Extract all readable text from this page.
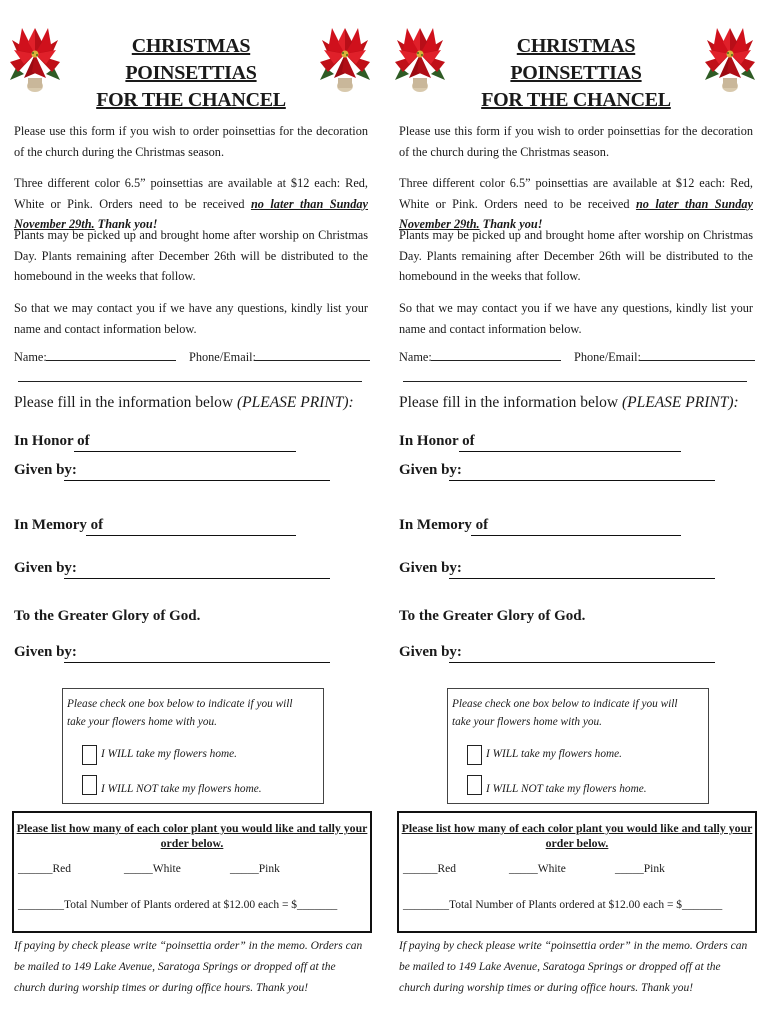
CHRISTMAS POINSETTIAS
FOR THE CHANCEL

Please use this form if you wish to order poinsettias for the decoration of the church during the Christmas season.

Three different color 6.5” poinsettias are available at $12 each: Red, White or Pink. Orders need to be received no later than Sunday November 29th. Thank you!

Plants may be picked up and brought home after worship on Christmas Day. Plants remaining after December 26th will be distributed to the homebound in the weeks that follow.

So that we may contact you if we have any questions, kindly list your name and contact information below.

Name:	Phone/Email:
Please fill in the information below (PLEASE PRINT):
In Honor of
Given by:
In Memory of
Given by:
To the Greater Glory of God.
Given by:
Please check one box below to indicate if you will take your flowers home with you.
I WILL take my flowers home.
I WILL NOT take my flowers home.
Please list how many of each color plant you would like and tally your order below.
______Red	_____White	_____Pink
________Total Number of Plants ordered at $12.00 each = $_______

If paying by check please write “poinsettia order” in the memo. Orders can be mailed to 149 Lake Avenue, Saratoga Springs or dropped off at the church during worship times or during office hours. Thank you!

CHRISTMAS POINSETTIAS
FOR THE CHANCEL

Please use this form if you wish to order poinsettias for the decoration of the church during the Christmas season.

Three different color 6.5” poinsettias are available at $12 each: Red, White or Pink. Orders need to be received no later than Sunday November 29th. Thank you!

Plants may be picked up and brought home after worship on Christmas Day. Plants remaining after December 26th will be distributed to the homebound in the weeks that follow.

So that we may contact you if we have any questions, kindly list your name and contact information below.

Name:	Phone/Email:
Please fill in the information below (PLEASE PRINT):
In Honor of
Given by:
In Memory of
Given by:
To the Greater Glory of God.
Given by:
Please check one box below to indicate if you will take your flowers home with you.
I WILL take my flowers home.
I WILL NOT take my flowers home.
Please list how many of each color plant you would like and tally your order below.
______Red	_____White	_____Pink
________Total Number of Plants ordered at $12.00 each = $_______

If paying by check please write “poinsettia order” in the memo. Orders can be mailed to 149 Lake Avenue, Saratoga Springs or dropped off at the church during worship times or during office hours. Thank you!
